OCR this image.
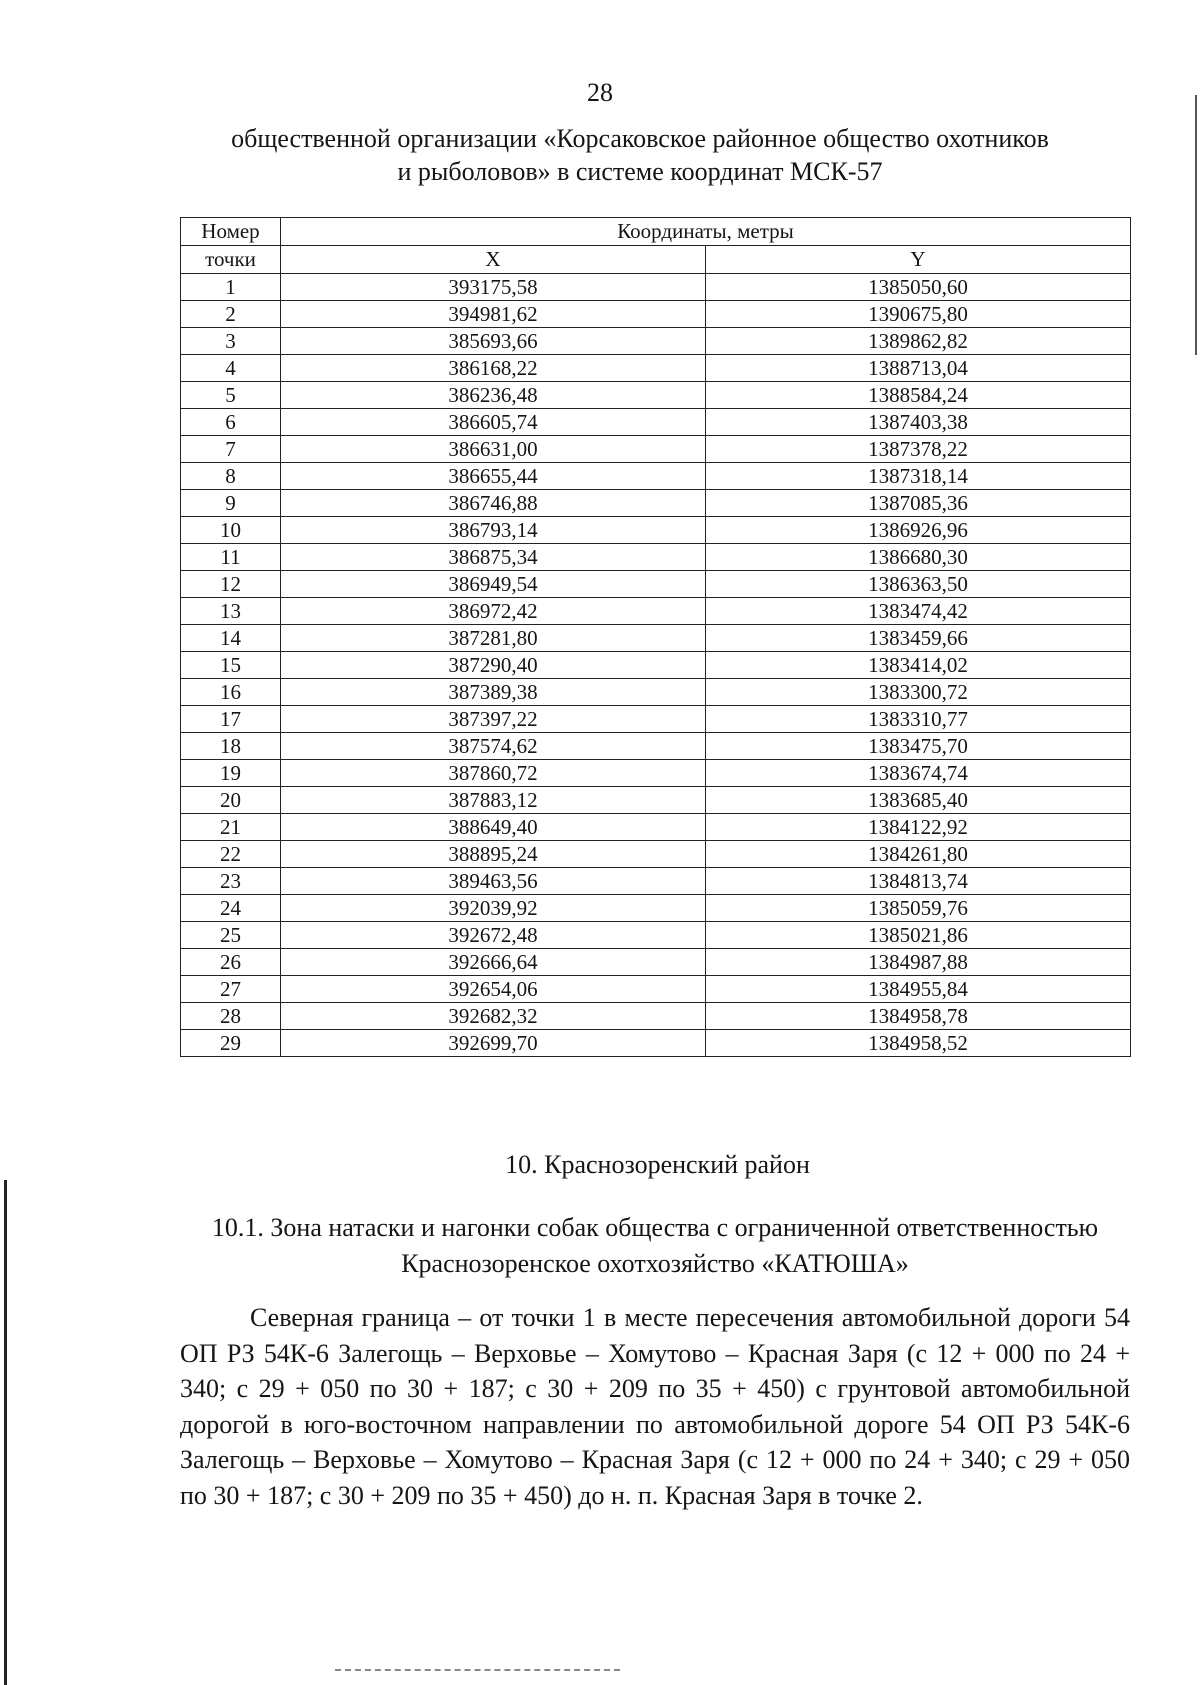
28
общественной организации «Корсаковское районное общество охотников
и рыболовов» в системе координат МСК-57
Номер	Координаты, метры	
точки	X	Y
1	393175,58	1385050,60
2	394981,62	1390675,80
3	385693,66	1389862,82
4	386168,22	1388713,04
5	386236,48	1388584,24
6	386605,74	1387403,38
7	386631,00	1387378,22
8	386655,44	1387318,14
9	386746,88	1387085,36
10	386793,14	1386926,96
11	386875,34	1386680,30
12	386949,54	1386363,50
13	386972,42	1383474,42
14	387281,80	1383459,66
15	387290,40	1383414,02
16	387389,38	1383300,72
17	387397,22	1383310,77
18	387574,62	1383475,70
19	387860,72	1383674,74
20	387883,12	1383685,40
21	388649,40	1384122,92
22	388895,24	1384261,80
23	389463,56	1384813,74
24	392039,92	1385059,76
25	392672,48	1385021,86
26	392666,64	1384987,88
27	392654,06	1384955,84
28	392682,32	1384958,78
29	392699,70	1384958,52
10. Краснозоренский район
10.1. Зона натаски и нагонки собак общества с ограниченной ответственностью
Краснозоренское охотхозяйство «КАТЮША»

Северная граница – от точки 1 в месте пересечения автомобильной дороги 54 ОП РЗ 54К-6 Залегощь – Верховье – Хомутово – Красная Заря (с 12 + 000 по 24 + 340; с 29 + 050 по 30 + 187; с 30 + 209 по 35 + 450) с грунтовой автомобильной дорогой в юго-восточном направлении по автомобильной дороге 54 ОП РЗ 54К-6 Залегощь – Верховье – Хомутово – Красная Заря (с 12 + 000 по 24 + 340; с 29 + 050 по 30 + 187; с 30 + 209 по 35 + 450) до н. п. Красная Заря в точке 2.
